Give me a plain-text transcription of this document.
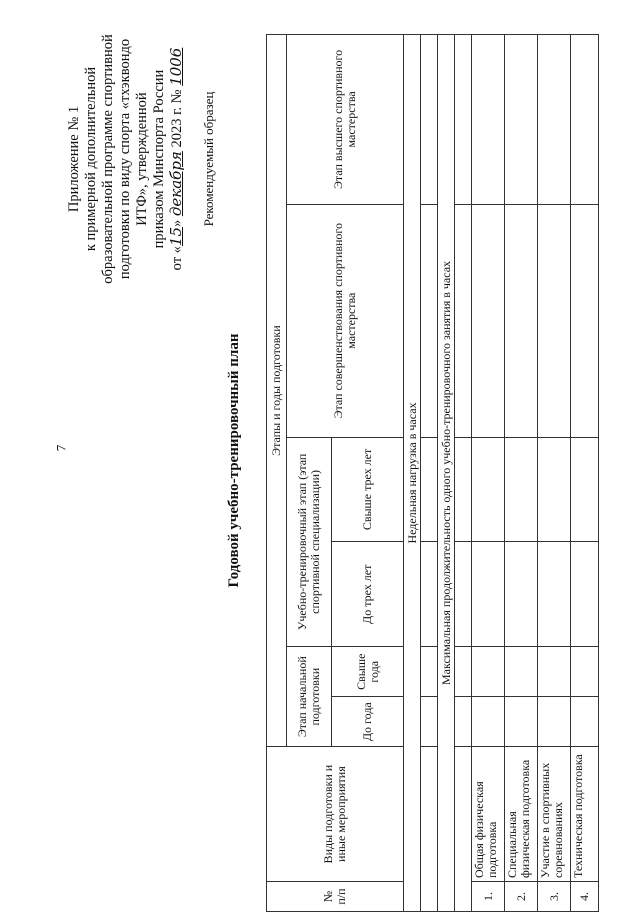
7
Приложение № 1 к примерной дополнительной образовательной программе спортивной подготовки по виду спорта «тхэквондо ИТФ», утвержденной приказом Минспорта России
от «15» декабря 2023 г. № 1006
Рекомендуемый образец
Годовой учебно-тренировочный план
№ п/п	Виды подготовки и иные мероприятия	Этапы и годы подготовки					
		Этап начальной подготовки		Учебно-тренировочный этап (этап спортивной специализации)		Этап совершенствования спортивного мастерства	Этап высшего спортивного мастерства
		До года	Свыше года	До трех лет	Свыше трех лет		
Недельная нагрузка в часах							

Максимальная продолжительность одного учебно-тренировочного занятия в часах							

1.	Общая физическая подготовка						
2.	Специальная физическая подготовка						
3.	Участие в спортивных соревнованиях						
4.	Техническая подготовка						
